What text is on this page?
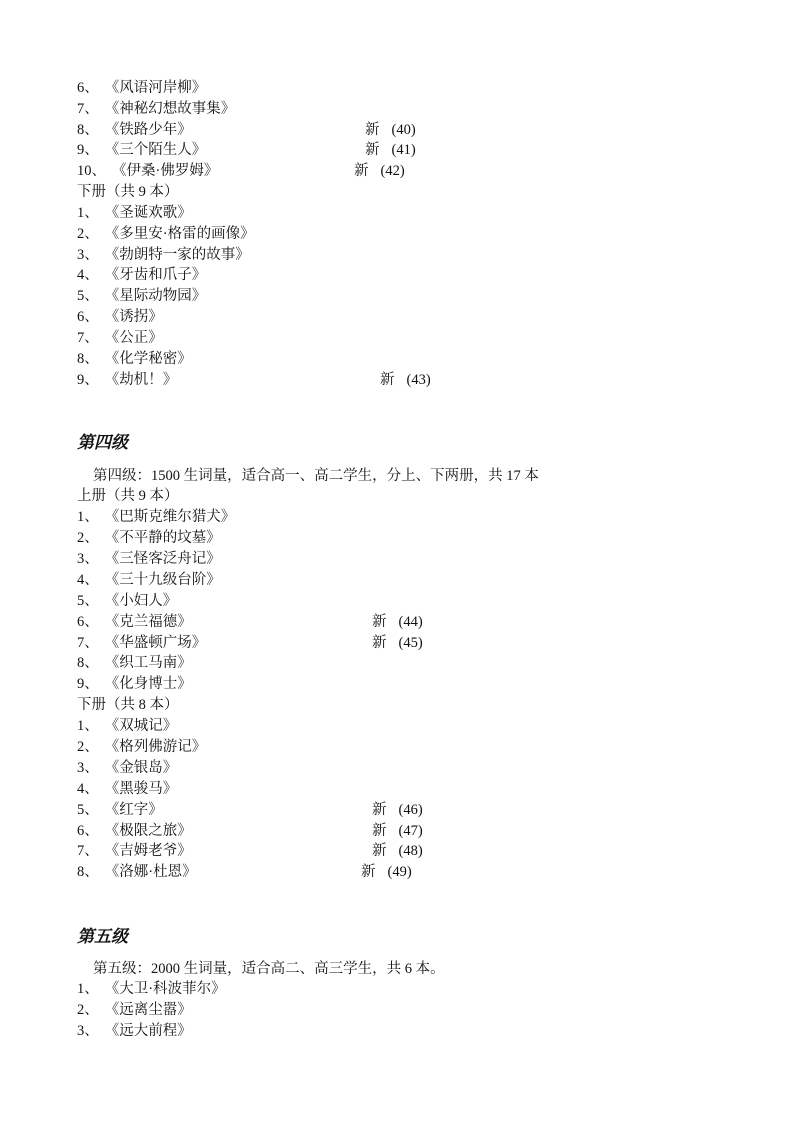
6、 《风语河岸柳》
7、 《神秘幻想故事集》
8、 《铁路少年》	新 (40)
9、 《三个陌生人》	新 (41)
10、 《伊桑·佛罗姆》	新 (42)
下册（共 9 本）
1、 《圣诞欢歌》
2、 《多里安·格雷的画像》
3、 《勃朗特一家的故事》
4、 《牙齿和爪子》
5、 《星际动物园》
6、 《诱拐》
7、 《公正》
8、 《化学秘密》
9、 《劫机！》	新 (43)
第四级
第四级：1500 生词量，适合高一、高二学生，分上、下两册，共 17 本
上册（共 9 本）
1、 《巴斯克维尔猎犬》
2、 《不平静的坟墓》
3、 《三怪客泛舟记》
4、 《三十九级台阶》
5、 《小妇人》
6、 《克兰福德》	新 (44)
7、 《华盛顿广场》	新 (45)
8、 《织工马南》
9、 《化身博士》
下册（共 8 本）
1、 《双城记》
2、 《格列佛游记》
3、 《金银岛》
4、 《黑骏马》
5、 《红字》	新 (46)
6、 《极限之旅》	新 (47)
7、 《吉姆老爷》	新 (48)
8、 《洛娜·杜恩》	新 (49)
第五级
第五级：2000 生词量，适合高二、高三学生，共 6 本。
1、 《大卫·科波菲尔》
2、 《远离尘嚣》
3、 《远大前程》
